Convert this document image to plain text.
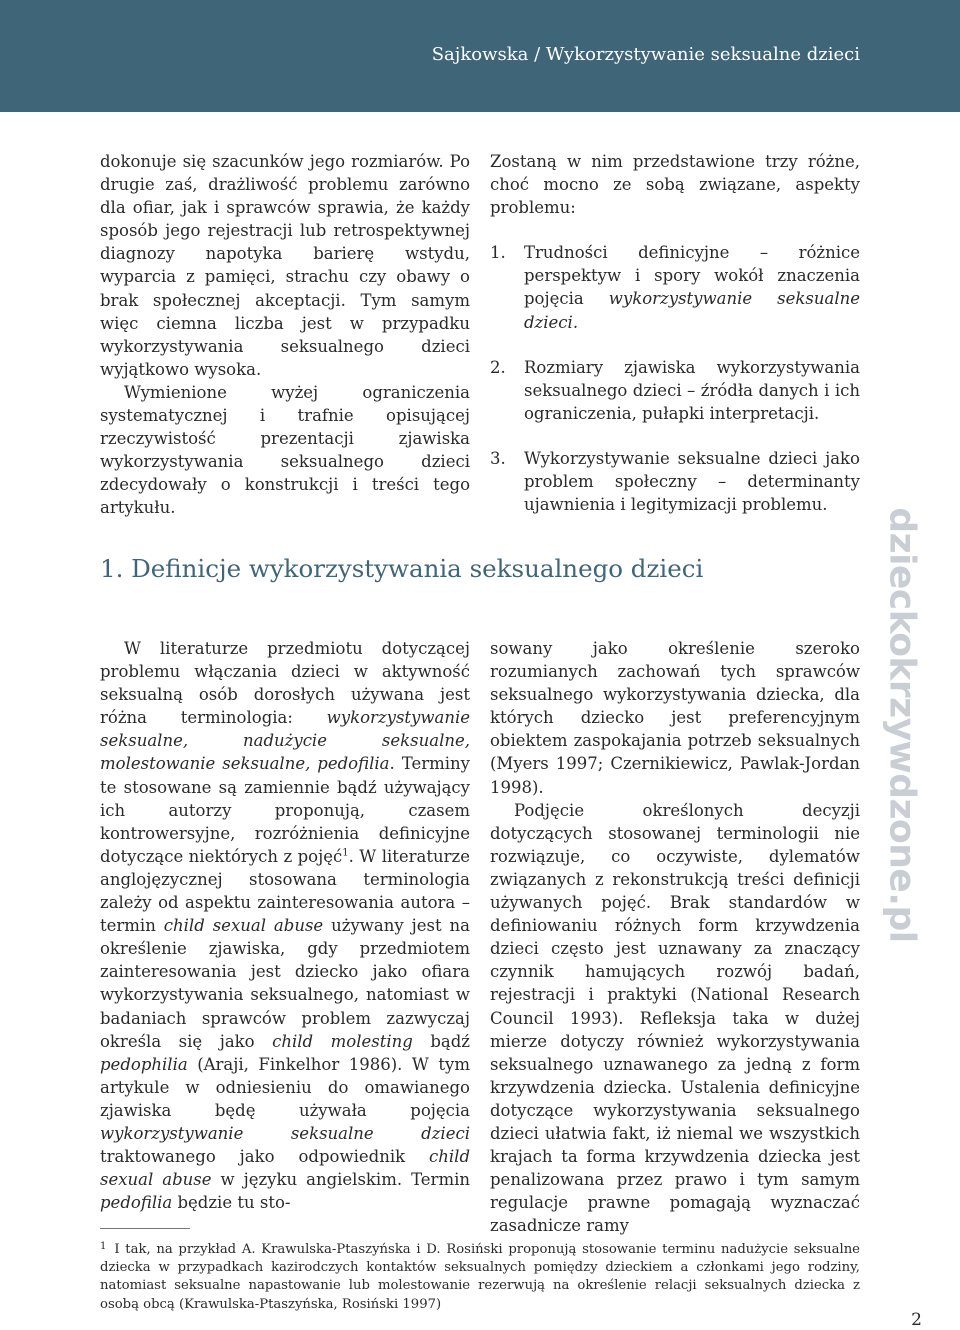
Sajkowska / Wykorzystywanie seksualne dzieci

dokonuje się szacunków jego rozmiarów. Po drugie zaś, drażliwość problemu zarówno dla ofiar, jak i sprawców sprawia, że każdy sposób jego rejestracji lub retrospektywnej diagnozy napotyka barierę wstydu, wyparcia z pamięci, strachu czy obawy o brak społecznej akceptacji. Tym samym więc ciemna liczba jest w przypadku wykorzystywania seksualnego dzieci wyjątkowo wysoka.

Wymienione wyżej ograniczenia systematycznej i trafnie opisującej rzeczywistość prezentacji zjawiska wykorzystywania seksualnego dzieci zdecydowały o konstrukcji i treści tego artykułu.

Zostaną w nim przedstawione trzy różne, choć mocno ze sobą związane, aspekty problemu:

1. Trudności definicyjne – różnice perspektyw i spory wokół znaczenia pojęcia wykorzystywanie seksualne dzieci.
2. Rozmiary zjawiska wykorzystywania seksualnego dzieci – źródła danych i ich ograniczenia, pułapki interpretacji.
3. Wykorzystywanie seksualne dzieci jako problem społeczny – determinanty ujawnienia i legitymizacji problemu.
1. Definicje wykorzystywania seksualnego dzieci

W literaturze przedmiotu dotyczącej problemu włączania dzieci w aktywność seksualną osób dorosłych używana jest różna terminologia: wykorzystywanie seksualne, nadużycie seksualne, molestowanie seksualne, pedofilia. Terminy te stosowane są zamiennie bądź używający ich autorzy proponują, czasem kontrowersyjne, rozróżnienia definicyjne dotyczące niektórych z pojęć$^1$. W literaturze anglojęzycznej stosowana terminologia zależy od aspektu zainteresowania autora – termin child sexual abuse używany jest na określenie zjawiska, gdy przedmiotem zainteresowania jest dziecko jako ofiara wykorzystywania seksualnego, natomiast w badaniach sprawców problem zazwyczaj określa się jako child molesting bądź pedophilia (Araji, Finkelhor 1986). W tym artykule w odniesieniu do omawianego zjawiska będę używała pojęcia wykorzystywanie seksualne dzieci traktowanego jako odpowiednik child sexual abuse w języku angielskim. Termin pedofilia będzie tu sto-

sowany jako określenie szeroko rozumianych zachowań tych sprawców seksualnego wykorzystywania dziecka, dla których dziecko jest preferencyjnym obiektem zaspokajania potrzeb seksualnych (Myers 1997; Czernikiewicz, Pawlak-Jordan 1998).

Podjęcie określonych decyzji dotyczących stosowanej terminologii nie rozwiązuje, co oczywiste, dylematów związanych z rekonstrukcją treści definicji używanych pojęć. Brak standardów w definiowaniu różnych form krzywdzenia dzieci często jest uznawany za znaczący czynnik hamujących rozwój badań, rejestracji i praktyki (National Research Council 1993). Refleksja taka w dużej mierze dotyczy również wykorzystywania seksualnego uznawanego za jedną z form krzywdzenia dziecka. Ustalenia definicyjne dotyczące wykorzystywania seksualnego dzieci ułatwia fakt, iż niemal we wszystkich krajach ta forma krzywdzenia dziecka jest penalizowana przez prawo i tym samym regulacje prawne pomagają wyznaczać zasadnicze ramy

dzieckokrzywdzone.pl
$^1$ I tak, na przykład A. Krawulska-Ptaszyńska i D. Rosiński proponują stosowanie terminu nadużycie seksualne dziecka w przypadkach kazirodczych kontaktów seksualnych pomiędzy dzieckiem a członkami jego rodziny, natomiast seksualne napastowanie lub molestowanie rezerwują na określenie relacji seksualnych dziecka z osobą obcą (Krawulska-Ptaszyńska, Rosiński 1997)
2
